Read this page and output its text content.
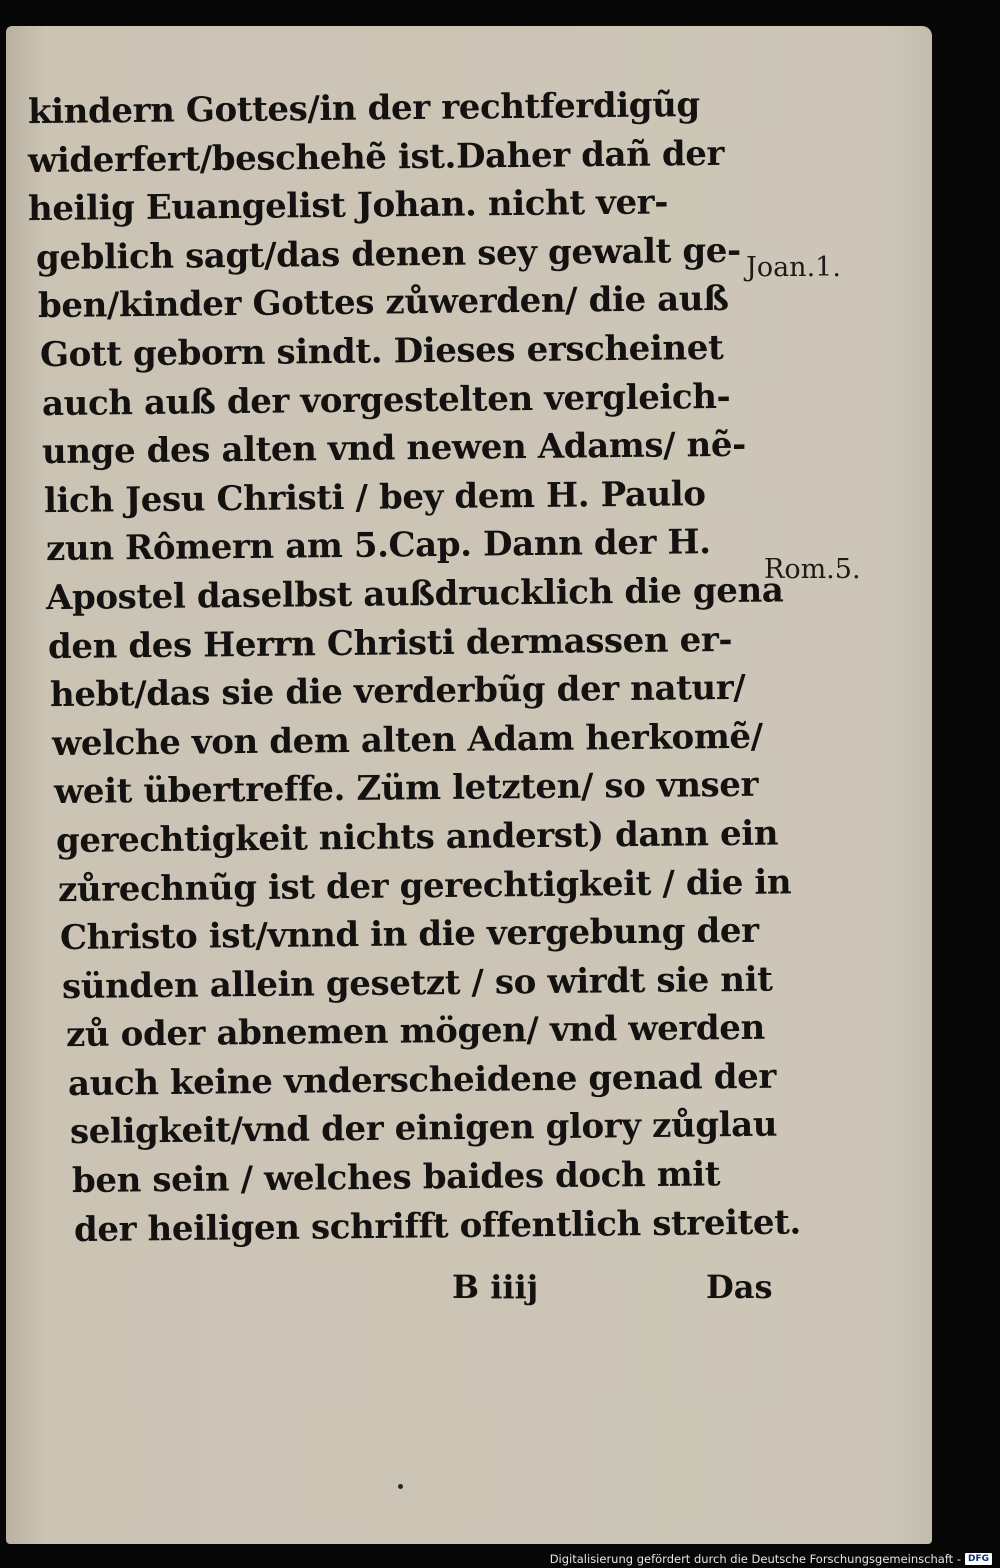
kindern Gottes/in der rechtferdigũg
widerfert/beschehẽ ist.Daher dañ der
heilig Euangelist Johan. nicht ver-
geblich sagt/das denen sey gewalt ge-
ben/kinder Gottes zůwerden/ die auß
Gott geborn sindt. Dieses erscheinet
auch auß der vorgestelten vergleich-
unge des alten vnd newen Adams/ nẽ-
lich Jesu Christi / bey dem H. Paulo
zun Rômern am 5.Cap. Dann der H.
Apostel daselbst außdrucklich die gena
den des Herrn Christi dermassen er-
hebt/das sie die verderbũg der natur/
welche von dem alten Adam herkomẽ/
weit übertreffe. Züm letzten/ so vnser
gerechtigkeit nichts anderst) dann ein
zůrechnũg ist der gerechtigkeit / die in
Christo ist/vnnd in die vergebung der
sünden allein gesetzt / so wirdt sie nit
zů oder abnemen mögen/ vnd werden
auch keine vnderscheidene genad der
seligkeit/vnd der einigen glory zůglau
ben sein / welches baides doch mit
der heiligen schrifft offentlich streitet.
Joan.1.
Rom.5.
B iiij	Das
Digitalisierung gefördert durch die Deutsche Forschungsgemeinschaft - DFG
